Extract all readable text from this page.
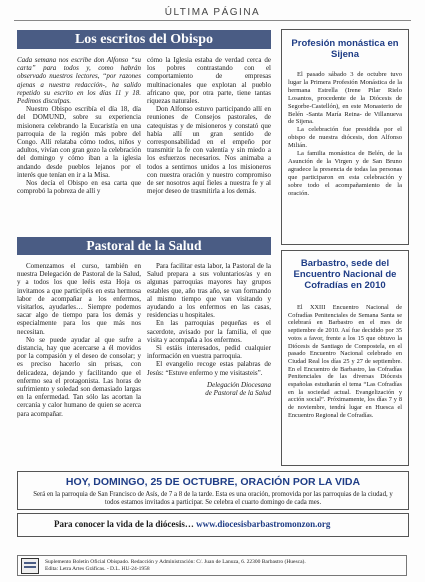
ÚLTIMA PÁGINA
Los escritos del Obispo

Cada semana nos escribe don Alfonso “su carta” para todos y, como habrán observado nuestros lectores, “por razones ajenas a nuestra redacción-, ha salido repetido su escrito en los días 11 y 18. Pedimos disculpas.

Nuestro Obispo escribía el día 18, día del DOMUND, sobre su experiencia misionera celebrando la Eucaristía en una parroquia de la región más pobre del Congo. Allí relataba cómo todos, niños y adultos, vivían con gran gozo la celebración del domingo y cómo iban a la iglesia andando desde pueblos lejanos por el interés que tenían en ir a la Misa.

Nos decía el Obispo en esa carta que comprobó la pobreza de allí y

cómo la Iglesia estaba de verdad cerca de los pobres contrastando con el comportamiento de empresas multinacionales que explotan al pueblo africano que, por otra parte, tiene tantas riquezas naturales.

Don Alfonso estuvo participando allí en reuniones de Consejos pastorales, de catequistas y de misioneros y constató que había allí un gran sentido de corresponsabilidad en el empeño por transmitir la fe con valentía y sin miedo a los esfuerzos necesarios. Nos animaba a todos a sentirnos unidos a los misioneros con nuestra oración y nuestro compromiso de ser nosotros aquí fieles a nuestra fe y al mejor deseo de trasmitirla a los demás.

Profesión monástica en Sijena

El pasado sábado 3 de octubre tuvo lugar la Primera Profesión Monástica de la hermana Estrella (Irene Pilar Rielo Losantos, procedente de la Diócesis de Segorbe-Castellón), en este Monasterio de Belén -Santa María Reina- de Villanueva de Sijena.

La celebración fue presidida por el obispo de nuestra diócesis, don Alfonso Milián.

La familia monástica de Belén, de la Asunción de la Virgen y de San Bruno agradece la presencia de todas las personas que participaron en esta celebración y sobre todo el acompañamiento de la oración.

Pastoral de la Salud

Comenzamos el curso, también en nuestra Delegación de Pastoral de la Salud, y a todos los que leéis esta Hoja os invitamos a que participéis en esta hermosa labor de acompañar a los enfermos, visitarlos, ayudarles… Siempre podemos sacar algo de tiempo para los demás y especialmente para los que más nos necesitan.

No se puede ayudar al que sufre a distancia, hay que acercarse a él movidos por la compasión y el deseo de consolar; y es preciso hacerlo sin prisas, con delicadeza, dejando y facilitando que el enfermo sea el protagonista. Las horas de sufrimiento y soledad son demasiado largas en la enfermedad. Tan sólo las acortan la cercanía y calor humano de quien se acerca para acompañar.

Para facilitar esta labor, la Pastoral de la Salud prepara a sus voluntarios/as y en algunas parroquias mayores hay grupos estables que, año tras año, se van formando al mismo tiempo que van visitando y ayudando a los enfermos en las casas, residencias u hospitales.

En las parroquias pequeñas es el sacerdote, avisado por la familia, el que visita y acompaña a los enfermos.

Si estáis interesados, pedid cualquier información en vuestra parroquia.

El evangelio recoge estas palabras de Jesús: “Estuve enfermo y me visitasteis”.

Delegación Diocesana

de Pastoral de la Salud

Barbastro, sede del Encuentro Nacional de Cofradías en 2010

El XXIII Encuentro Nacional de Cofradías Penitenciales de Semana Santa se celebrará en Barbastro en el mes de septiembre de 2010. Así fue decidido por 35 votos a favor, frente a los 15 que obtuvo la Diócesis de Santiago de Compostela, en el pasado Encuentro Nacional celebrado en Ciudad Real los días 25 y 27 de septiembre. En el Encuentro de Barbastro, las Cofradías Penitenciales de las diversas Diócesis españolas estudiarán el tema “Las Cofradías en la sociedad actual. Evangelización y acción social”. Próximamente, los días 7 y 8 de noviembre, tendrá lugar en Huesca el Encuentro Regional de Cofradías.

HOY, DOMINGO, 25 DE OCTUBRE, ORACIÓN POR LA VIDA
Será en la parroquia de San Francisco de Asís, de 7 a 8 de la tarde. Esta es una oración, promovida por las parroquias de la ciudad, y todos estamos invitados a participar. Se celebra el cuarto domingo de cada mes.
Para conocer la vida de la diócesis… www.diocesisbarbastromonzon.org
Suplemento Boletín Oficial Obispado. Redacción y Administración: C/. Juan de Lanuza, 6. 22300 Barbastro (Huesca).
Edita: Letra Artes Gráficas. - D.L. HU-24-1958
